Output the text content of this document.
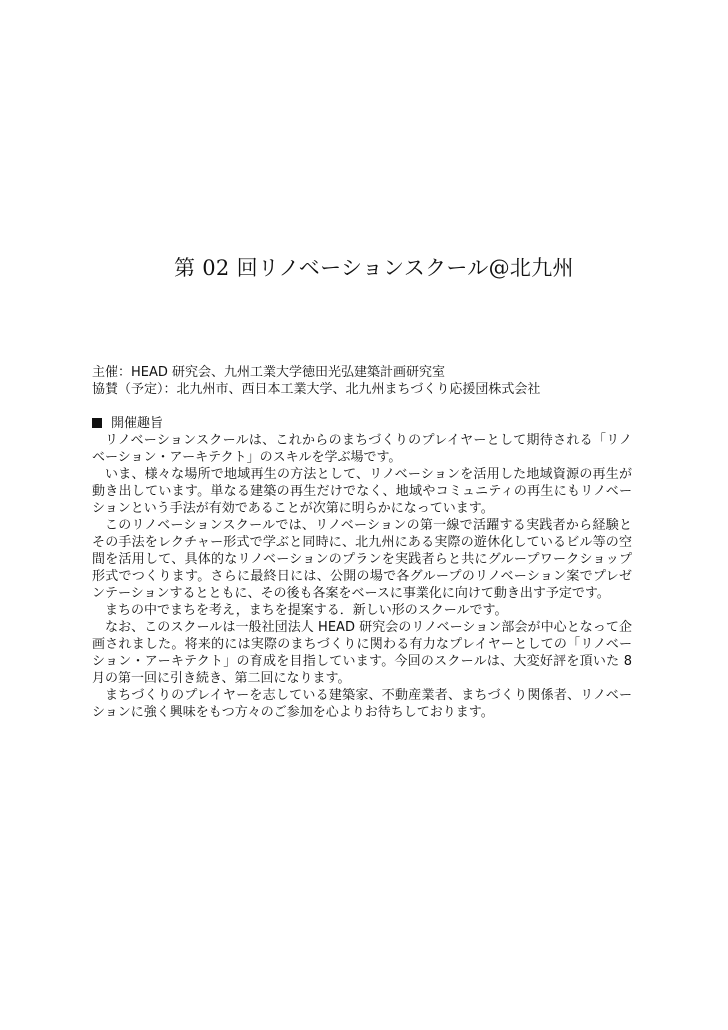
第 02 回リノベーションスクール@北九州
主催：HEAD 研究会、九州工業大学徳田光弘建築計画研究室
協賛（予定）：北九州市、西日本工業大学、北九州まちづくり応援団株式会社
開催趣旨

リノベーションスクールは、これからのまちづくりのプレイヤーとして期待される「リノベーション・アーキテクト」のスキルを学ぶ場です。

いま、様々な場所で地域再生の方法として、リノベーションを活用した地域資源の再生が動き出しています。単なる建築の再生だけでなく、地域やコミュニティの再生にもリノベーションという手法が有効であることが次第に明らかになっています。

このリノベーションスクールでは、リノベーションの第一線で活躍する実践者から経験とその手法をレクチャー形式で学ぶと同時に、北九州にある実際の遊休化しているビル等の空間を活用して、具体的なリノベーションのプランを実践者らと共にグループワークショップ形式でつくります。さらに最終日には、公開の場で各グループのリノベーション案でプレゼンテーションするとともに、その後も各案をベースに事業化に向けて動き出す予定です。

まちの中でまちを考え，まちを提案する．新しい形のスクールです。

なお、このスクールは一般社団法人 HEAD 研究会のリノベーション部会が中心となって企画されました。将来的には実際のまちづくりに関わる有力なプレイヤーとしての「リノベーション・アーキテクト」の育成を目指しています。今回のスクールは、大変好評を頂いた 8 月の第一回に引き続き、第二回になります。

まちづくりのプレイヤーを志している建築家、不動産業者、まちづくり関係者、リノベーションに強く興味をもつ方々のご参加を心よりお待ちしております。
